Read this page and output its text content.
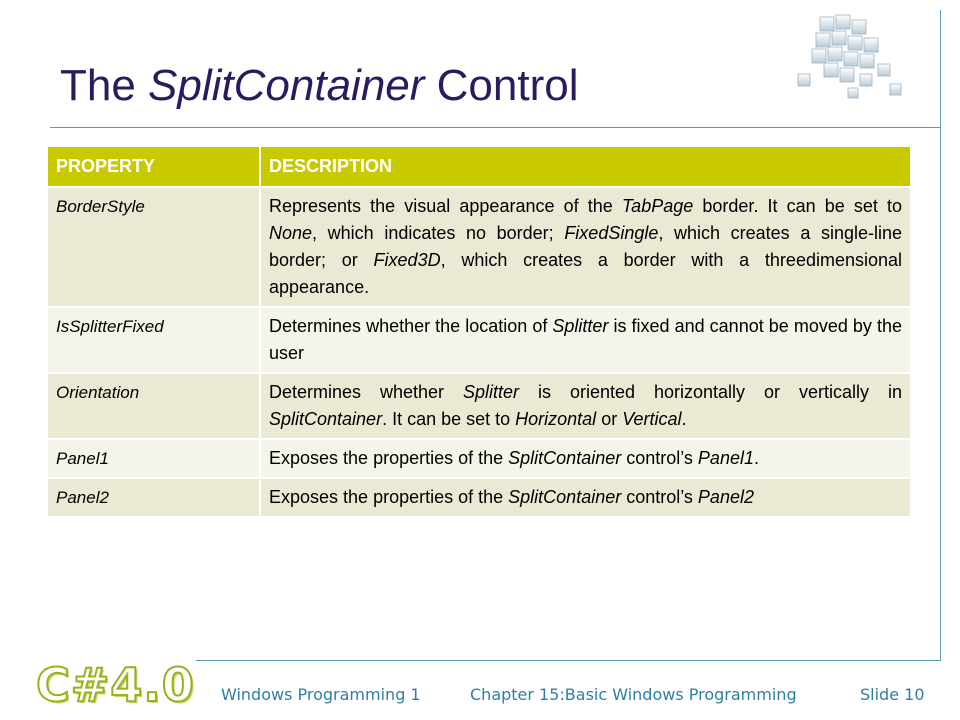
The SplitContainer Control
PROPERTY	DESCRIPTION
BorderStyle	Represents the visual appearance of the TabPage border. It can be set to None, which indicates no border; FixedSingle, which creates a single-line border; or Fixed3D, which creates a border with a threedimensional appearance.
IsSplitterFixed	Determines whether the location of Splitter is fixed and cannot be moved by the user
Orientation	Determines whether Splitter is oriented horizontally or vertically in SplitContainer. It can be set to Horizontal or Vertical.
Panel1	Exposes the properties of the SplitContainer control’s Panel1.
Panel2	Exposes the properties of the SplitContainer control’s Panel2
C#4.0 Windows Programming 1	Chapter 15:Basic Windows Programming	Slide 10
